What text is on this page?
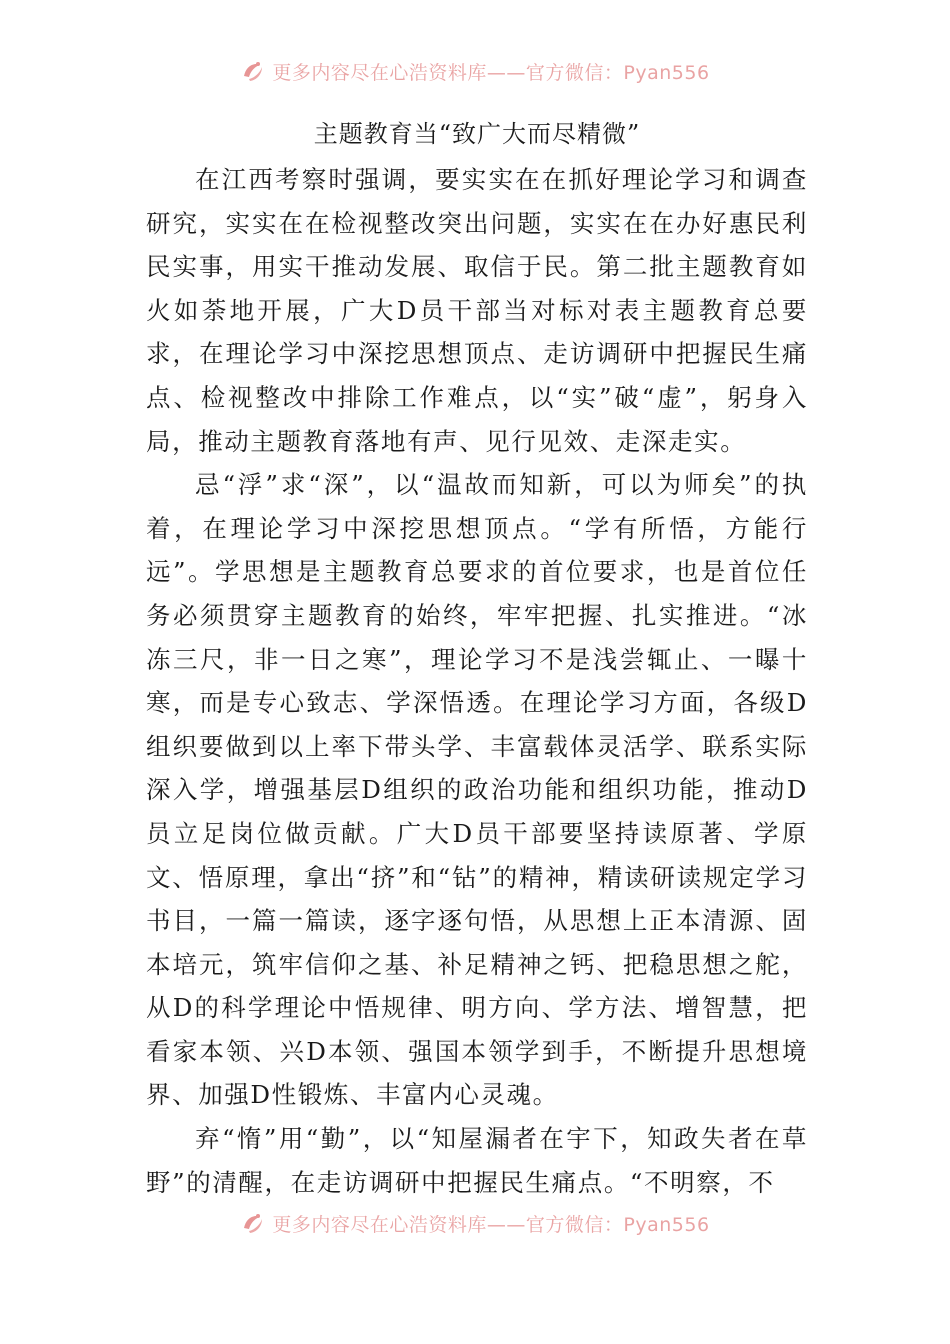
更多内容尽在心浩资料库——官方微信：Pyan556
主题教育当“致广大而尽精微”

在江西考察时强调，要实实在在抓好理论学习和调查研究，实实在在检视整改突出问题，实实在在办好惠民利民实事，用实干推动发展、取信于民。第二批主题教育如火如荼地开展，广大D员干部当对标对表主题教育总要求，在理论学习中深挖思想顶点、走访调研中把握民生痛点、检视整改中排除工作难点，以“实”破“虚”，躬身入局，推动主题教育落地有声、见行见效、走深走实。

忌“浮”求“深”，以“温故而知新，可以为师矣”的执着，在理论学习中深挖思想顶点。“学有所悟，方能行远”。学思想是主题教育总要求的首位要求，也是首位任务必须贯穿主题教育的始终，牢牢把握、扎实推进。“冰冻三尺，非一日之寒”，理论学习不是浅尝辄止、一曝十寒，而是专心致志、学深悟透。在理论学习方面，各级D组织要做到以上率下带头学、丰富载体灵活学、联系实际深入学，增强基层D组织的政治功能和组织功能，推动D员立足岗位做贡献。广大D员干部要坚持读原著、学原文、悟原理，拿出“挤”和“钻”的精神，精读研读规定学习书目，一篇一篇读，逐字逐句悟，从思想上正本清源、固本培元，筑牢信仰之基、补足精神之钙、把稳思想之舵，从D的科学理论中悟规律、明方向、学方法、增智慧，把看家本领、兴D本领、强国本领学到手，不断提升思想境界、加强D性锻炼、丰富内心灵魂。

弃“惰”用“勤”，以“知屋漏者在宇下，知政失者在草野”的清醒，在走访调研中把握民生痛点。“不明察，不

更多内容尽在心浩资料库——官方微信：Pyan556
